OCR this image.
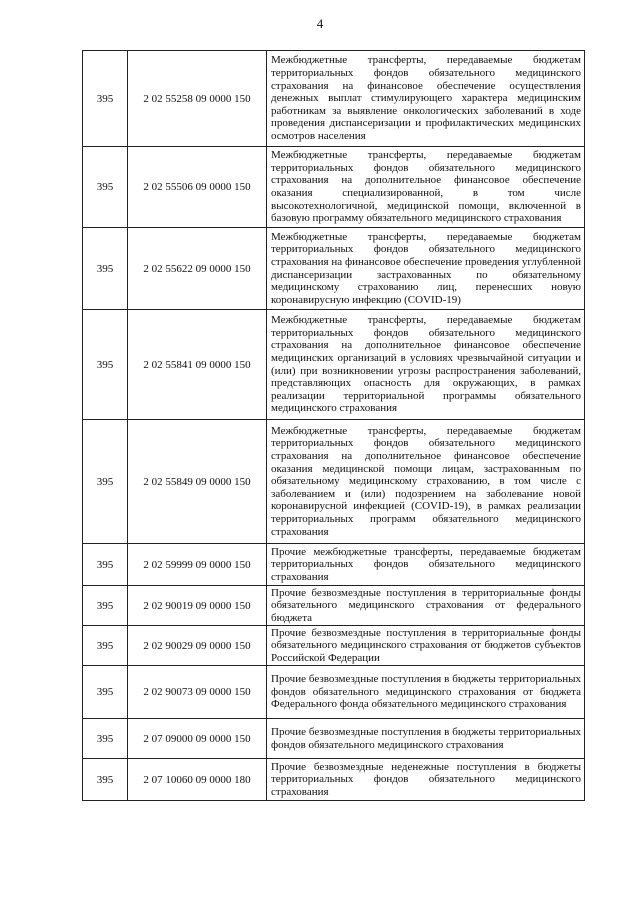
4
395	2 02 55258 09 0000 150	Межбюджетные трансферты, передаваемые бюджетам территориальных фондов обязательного медицинского страхования на финансовое обеспечение осуществления денежных выплат стимулирующего характера медицинским работникам за выявление онкологических заболеваний в ходе проведения диспансеризации и профилактических медицинских осмотров населения
395	2 02 55506 09 0000 150	Межбюджетные трансферты, передаваемые бюджетам территориальных фондов обязательного медицинского страхования на дополнительное финансовое обеспечение оказания специализированной, в том числе высокотехнологичной, медицинской помощи, включенной в базовую программу обязательного медицинского страхования
395	2 02 55622 09 0000 150	Межбюджетные трансферты, передаваемые бюджетам территориальных фондов обязательного медицинского страхования на финансовое обеспечение проведения углубленной диспансеризации застрахованных по обязательному медицинскому страхованию лиц, перенесших новую коронавирусную инфекцию (COVID-19)
395	2 02 55841 09 0000 150	Межбюджетные трансферты, передаваемые бюджетам территориальных фондов обязательного медицинского страхования на дополнительное финансовое обеспечение медицинских организаций в условиях чрезвычайной ситуации и (или) при возникновении угрозы распространения заболеваний, представляющих опасность для окружающих, в рамках реализации территориальной программы обязательного медицинского страхования
395	2 02 55849 09 0000 150	Межбюджетные трансферты, передаваемые бюджетам территориальных фондов обязательного медицинского страхования на дополнительное финансовое обеспечение оказания медицинской помощи лицам, застрахованным по обязательному медицинскому страхованию, в том числе с заболеванием и (или) подозрением на заболевание новой коронавирусной инфекцией (COVID-19), в рамках реализации территориальных программ обязательного медицинского страхования
395	2 02 59999 09 0000 150	Прочие межбюджетные трансферты, передаваемые бюджетам территориальных фондов обязательного медицинского страхования
395	2 02 90019 09 0000 150	Прочие безвозмездные поступления в территориальные фонды обязательного медицинского страхования от федерального бюджета
395	2 02 90029 09 0000 150	Прочие безвозмездные поступления в территориальные фонды обязательного медицинского страхования от бюджетов субъектов Российской Федерации
395	2 02 90073 09 0000 150	Прочие безвозмездные поступления в бюджеты территориальных фондов обязательного медицинского страхования от бюджета Федерального фонда обязательного медицинского страхования
395	2 07 09000 09 0000 150	Прочие безвозмездные поступления в бюджеты территориальных фондов обязательного медицинского страхования
395	2 07 10060 09 0000 180	Прочие безвозмездные неденежные поступления в бюджеты территориальных фондов обязательного медицинского страхования
